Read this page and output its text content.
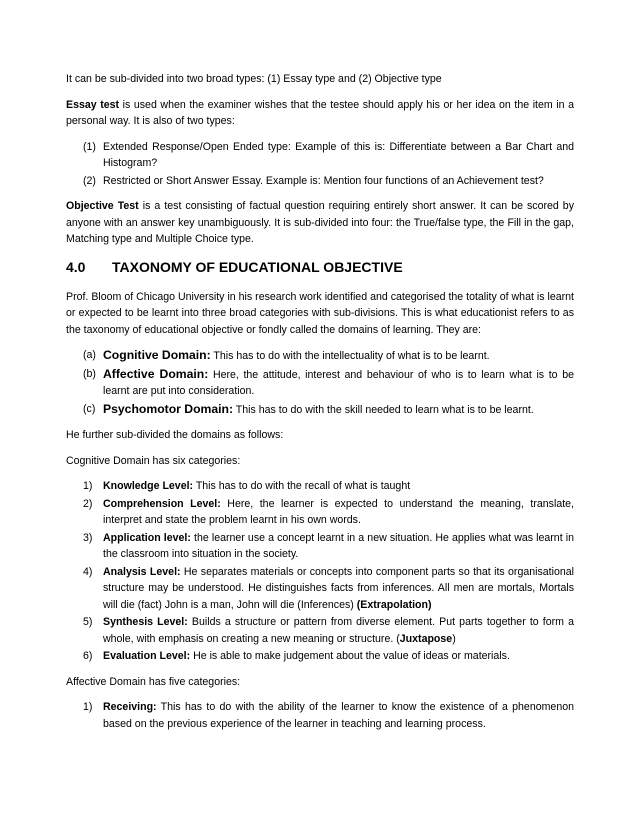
It can be sub-divided into two broad types: (1) Essay type and (2) Objective type

Essay test is used when the examiner wishes that the testee should apply his or her idea on the item in a personal way. It is also of two types:

(1) Extended Response/Open Ended type: Example of this is: Differentiate between a Bar Chart and Histogram?
(2) Restricted or Short Answer Essay. Example is: Mention four functions of an Achievement test?

Objective Test is a test consisting of factual question requiring entirely short answer. It can be scored by anyone with an answer key unambiguously. It is sub-divided into four: the True/false type, the Fill in the gap, Matching type and Multiple Choice type.

4.0 TAXONOMY OF EDUCATIONAL OBJECTIVE

Prof. Bloom of Chicago University in his research work identified and categorised the totality of what is learnt or expected to be learnt into three broad categories with sub-divisions. This is what educationist refers to as the taxonomy of educational objective or fondly called the domains of learning. They are:

(a) Cognitive Domain: This has to do with the intellectuality of what is to be learnt.
(b) Affective Domain: Here, the attitude, interest and behaviour of who is to learn what is to be learnt are put into consideration.
(c) Psychomotor Domain: This has to do with the skill needed to learn what is to be learnt.

He further sub-divided the domains as follows:

Cognitive Domain has six categories:

1) Knowledge Level: This has to do with the recall of what is taught
2) Comprehension Level: Here, the learner is expected to understand the meaning, translate, interpret and state the problem learnt in his own words.
3) Application level: the learner use a concept learnt in a new situation. He applies what was learnt in the classroom into situation in the society.
4) Analysis Level: He separates materials or concepts into component parts so that its organisational structure may be understood. He distinguishes facts from inferences. All men are mortals, Mortals will die (fact) John is a man, John will die (Inferences) (Extrapolation)
5) Synthesis Level: Builds a structure or pattern from diverse element. Put parts together to form a whole, with emphasis on creating a new meaning or structure. (Juxtapose)
6) Evaluation Level: He is able to make judgement about the value of ideas or materials.

Affective Domain has five categories:

1) Receiving: This has to do with the ability of the learner to know the existence of a phenomenon based on the previous experience of the learner in teaching and learning process.
